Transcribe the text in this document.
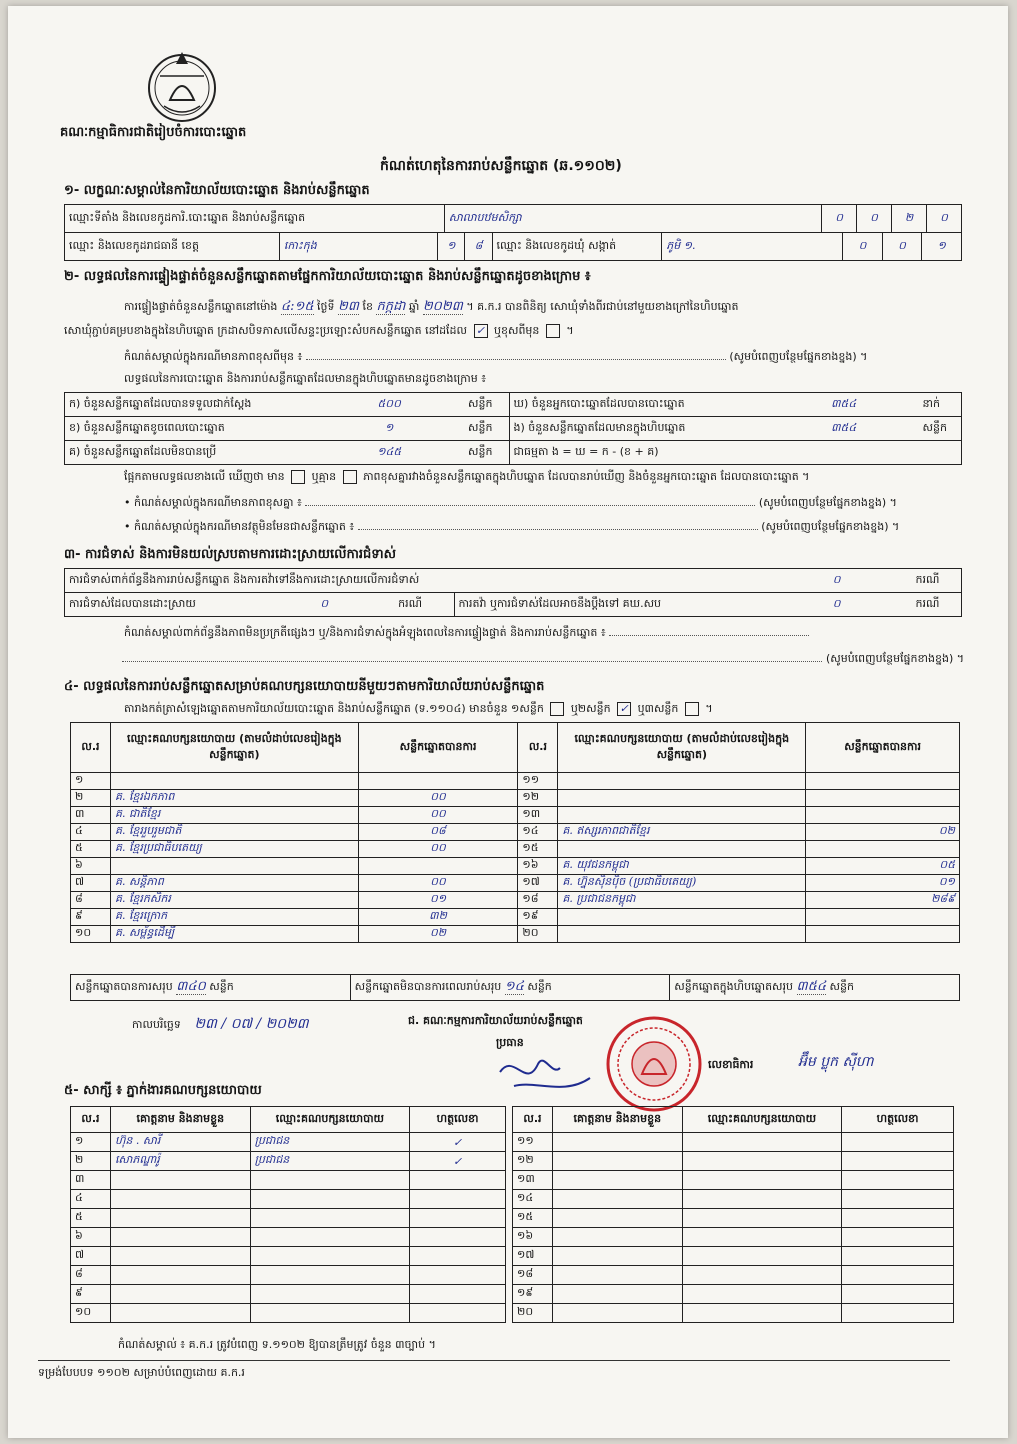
គណៈកម្មាធិការជាតិរៀបចំការបោះឆ្នោត
កំណត់ហេតុនៃការរាប់សន្លឹកឆ្នោត (ឆ.១១០២)
១- លក្ខណៈសម្គាល់នៃការិយាល័យបោះឆ្នោត និងរាប់សន្លឹកឆ្នោត
ឈ្មោះទីតាំង និងលេខកូដការិ.បោះឆ្នោត និងរាប់សន្លឹកឆ្នោត	សាលាបឋមសិក្សា	០	០	២	០
ឈ្មោះ និងលេខកូដរាជធានី ខេត្ត	កោះកុង	១	៨	ឈ្មោះ និងលេខកូដឃុំ សង្កាត់	ភូមិ ១.	០	០	១
២- លទ្ធផលនៃការផ្ទៀងផ្ទាត់ចំនួនសន្លឹកឆ្នោតតាមផ្នែកការិយាល័យបោះឆ្នោត និងរាប់សន្លឹកឆ្នោតដូចខាងក្រោម ៖
ការផ្ទៀងផ្ទាត់ចំនួនសន្លឹកឆ្នោតនៅម៉ោង ៤:១៥ ថ្ងៃទី ២៣ ខែ កក្កដា ឆ្នាំ ២០២៣ ។ គ.ក.រ បានពិនិត្យ សោឃុំទាំងពីរជាប់នៅមួយខាងក្រៅនៃហិបឆ្នោត
សោឃុំភ្ជាប់គម្របខាងក្នុងនៃហិបឆ្នោត ក្រដាសបិទភាសលើសន្ទះប្រឡោះសំបកសន្លឹកឆ្នោត នៅដដែល ✓ ឬខុសពីមុន  ។
កំណត់សម្គាល់ក្នុងករណីមានភាពខុសពីមុន ៖	(សូមបំពេញបន្ថែមផ្នែកខាងខ្នង) ។
លទ្ធផលនៃការបោះឆ្នោត និងការរាប់សន្លឹកឆ្នោតដែលមានក្នុងហិបឆ្នោតមានដូចខាងក្រោម ៖
ក) ចំនួនសន្លឹកឆ្នោតដែលបានទទួលជាក់ស្តែង	៥០០	សន្លឹក	ឃ) ចំនួនអ្នកបោះឆ្នោតដែលបានបោះឆ្នោត	៣៥៤	នាក់
ខ) ចំនួនសន្លឹកឆ្នោតខូចពេលបោះឆ្នោត	១	សន្លឹក	ង) ចំនួនសន្លឹកឆ្នោតដែលមានក្នុងហិបឆ្នោត	៣៥៤	សន្លឹក
គ) ចំនួនសន្លឹកឆ្នោតដែលមិនបានប្រើ	១៤៥	សន្លឹក	ជាធម្មតា ង = ឃ = ក - (ខ + គ)		
ផ្អែកតាមលទ្ធផលខាងលើ ឃើញថា មាន ឬគ្មាន ភាពខុសគ្នារវាងចំនួនសន្លឹកឆ្នោតក្នុងហិបឆ្នោត ដែលបានរាប់ឃើញ និងចំនួនអ្នកបោះឆ្នោត ដែលបានបោះឆ្នោត ។
• កំណត់សម្គាល់ក្នុងករណីមានភាពខុសគ្នា ៖	(សូមបំពេញបន្ថែមផ្នែកខាងខ្នង) ។
• កំណត់សម្គាល់ក្នុងករណីមានវត្ថុមិនមែនជាសន្លឹកឆ្នោត ៖	(សូមបំពេញបន្ថែមផ្នែកខាងខ្នង) ។
៣- ការជំទាស់ និងការមិនយល់ស្របតាមការដោះស្រាយលើការជំទាស់
ការជំទាស់ពាក់ព័ន្ធនឹងការរាប់សន្លឹកឆ្នោត និងការតវ៉ាទៅនឹងការដោះស្រាយលើការជំទាស់				០	ករណី
ការជំទាស់ដែលបានដោះស្រាយ	០	ករណី	ការតវ៉ា ឬការជំទាស់ដែលអាចនឹងប្តឹងទៅ គឃ.សប	០	ករណី
កំណត់សម្គាល់ពាក់ព័ន្ធនឹងភាពមិនប្រក្រតីផ្សេងៗ ឬ/និងការជំទាស់ក្នុងអំឡុងពេលនៃការផ្ទៀងផ្ទាត់ និងការរាប់សន្លឹកឆ្នោត ៖
(សូមបំពេញបន្ថែមផ្នែកខាងខ្នង) ។
៤- លទ្ធផលនៃការរាប់សន្លឹកឆ្នោតសម្រាប់គណបក្សនយោបាយនីមួយៗតាមការិយាល័យរាប់សន្លឹកឆ្នោត
តារាងកត់ត្រាសំឡេងឆ្នោតតាមការិយាល័យបោះឆ្នោត និងរាប់សន្លឹកឆ្នោត (ទ.១១០៤) មានចំនួន ១សន្លឹក ឬ២សន្លឹក ✓ ឬ៣សន្លឹក  ។
ល.រ	ឈ្មោះគណបក្សនយោបាយ (តាមលំដាប់លេខរៀងក្នុងសន្លឹកឆ្នោត)	សន្លឹកឆ្នោតបានការ	ល.រ	ឈ្មោះគណបក្សនយោបាយ (តាមលំដាប់លេខរៀងក្នុងសន្លឹកឆ្នោត)	សន្លឹកឆ្នោតបានការ
១			១១		
២	គ. ខ្មែរឯកភាព	០០	១២		
៣	គ. ជាតិខ្មែរ	០០	១៣		
៤	គ. ខ្មែររួបរួមជាតិ	០៨	១៤	គ. ឥស្សរភាពជាតិខ្មែរ	០២
៥	គ. ខ្មែរប្រជាធិបតេយ្យ	០០	១៥		
៦			១៦	គ. យុវជនកម្ពុជា	០៥
៧	គ. សន្តិភាព	០០	១៧	គ. ហ្វ៊ុនស៊ិនប៉ិច (ប្រជាធិបតេយ្យ)	០១
៨	គ. ខ្មែរកសិករ	០១	១៨	គ. ប្រជាជនកម្ពុជា	២៨៩
៩	គ. ខ្មែរក្រោក	៣២	១៩		
១០	គ. សម្ព័ន្ធដើម្បី	០២	២០		
សន្លឹកឆ្នោតបានការសរុប ៣៤០ សន្លឹក	សន្លឹកឆ្នោតមិនបានការពេលរាប់សរុប ១៤ សន្លឹក	សន្លឹកឆ្នោតក្នុងហិបឆ្នោតសរុប ៣៥៤ សន្លឹក
កាលបរិច្ឆេទ ២៣ / ០៧ / ២០២៣	ជ. គណៈកម្មការការិយាល័យរាប់សន្លឹកឆ្នោត
ប្រធាន
លេខាធិការ	អ៊ឹម ប្លុក ស៊ីហា
៥- សាក្សី ៖ ភ្នាក់ងារគណបក្សនយោបាយ
ល.រ	គោត្តនាម និងនាមខ្លួន	ឈ្មោះគណបក្សនយោបាយ	ហត្ថលេខា
១	ហ៊ុន . សារី	ប្រជាជន	✓
២	សោភណ្ឌារ៉ូ	ប្រជាជន	✓
៣			
៤			
៥			
៦			
៧			
៨			
៩			
១០			
ល.រ	គោត្តនាម និងនាមខ្លួន	ឈ្មោះគណបក្សនយោបាយ	ហត្ថលេខា
១១			
១២			
១៣			
១៤			
១៥			
១៦			
១៧			
១៨			
១៩			
២០			
កំណត់សម្គាល់ ៖ គ.ក.រ ត្រូវបំពេញ ទ.១១០២ ឱ្យបានត្រឹមត្រូវ ចំនួន ៣ច្បាប់ ។
ទម្រង់បែបបទ ១១០២ សម្រាប់បំពេញដោយ គ.ក.រ
